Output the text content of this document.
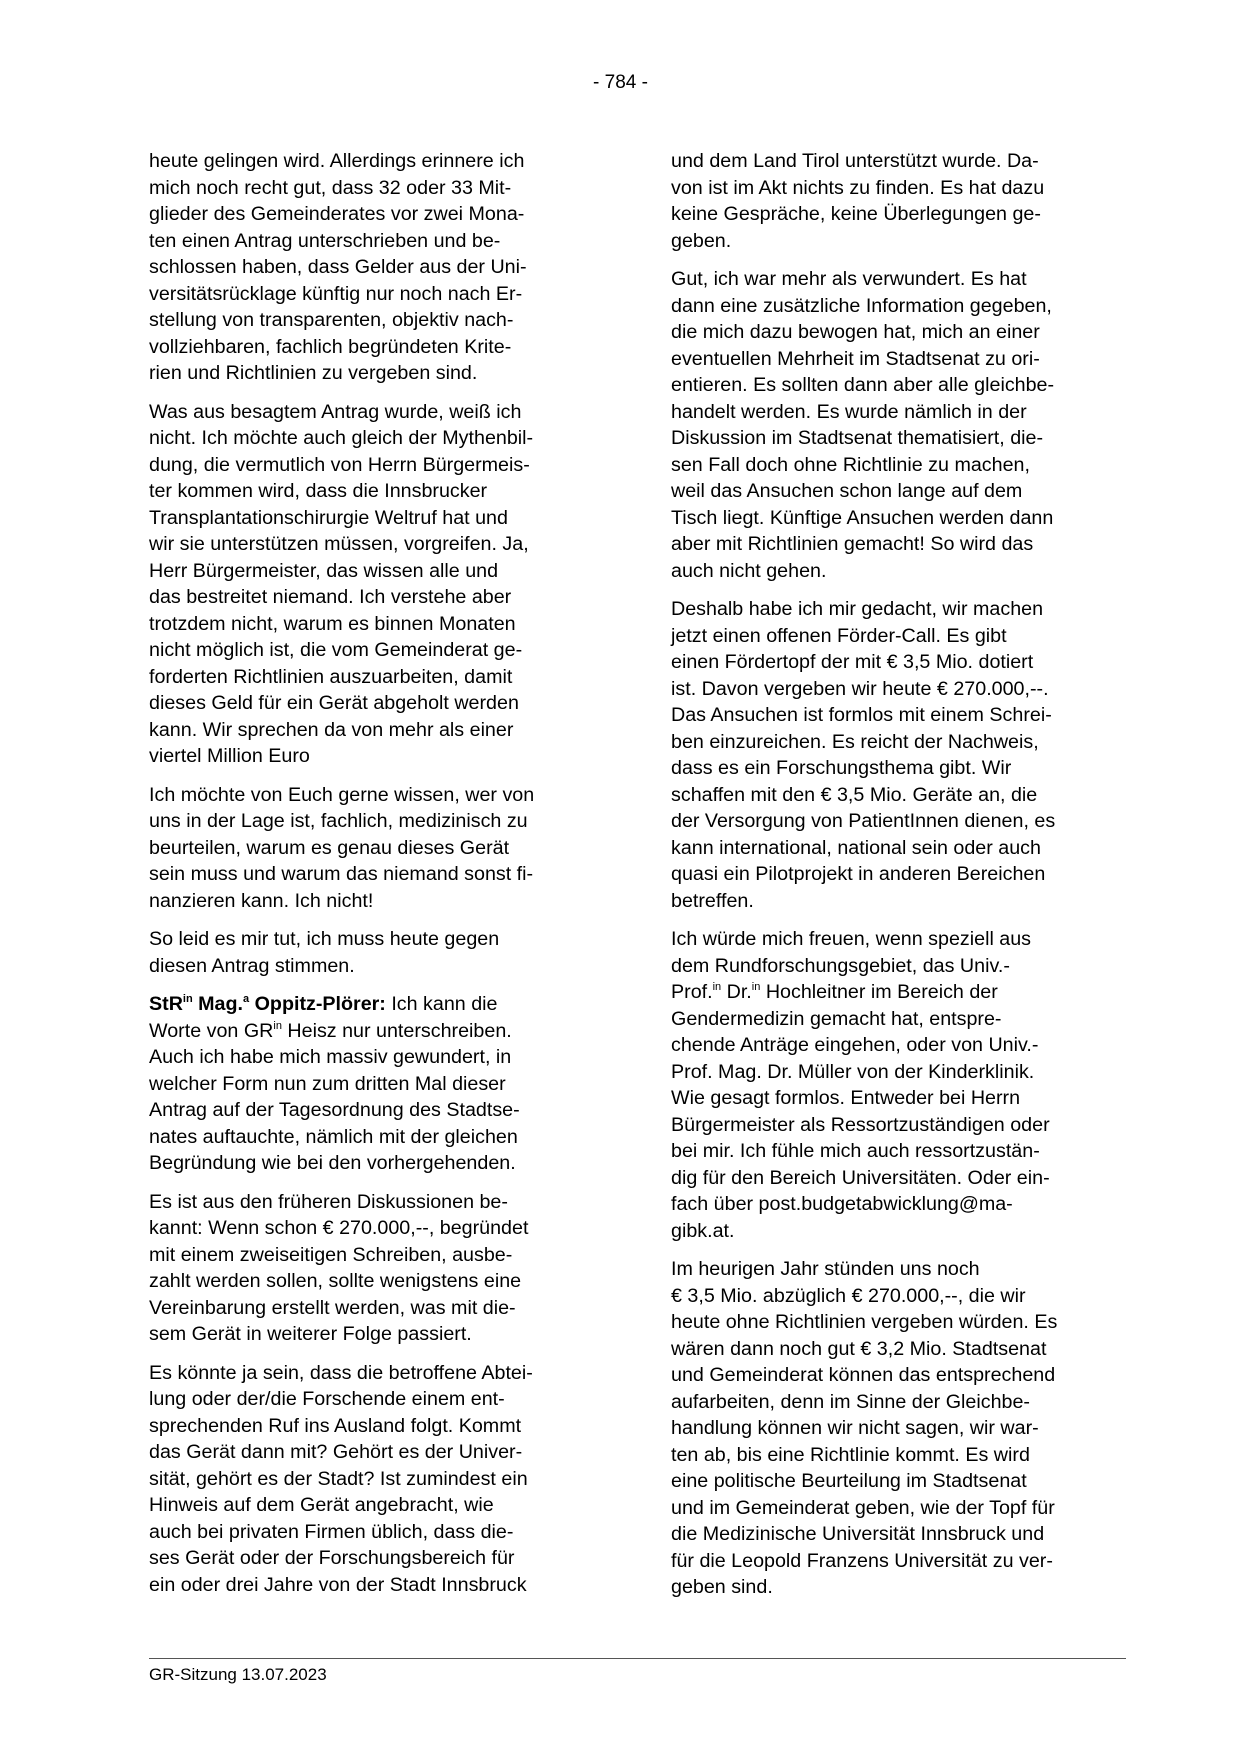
- 784 -

heute gelingen wird. Allerdings erinnere ich
mich noch recht gut, dass 32 oder 33 Mit-
glieder des Gemeinderates vor zwei Mona-
ten einen Antrag unterschrieben und be-
schlossen haben, dass Gelder aus der Uni-
versitätsrücklage künftig nur noch nach Er-
stellung von transparenten, objektiv nach-
vollziehbaren, fachlich begründeten Krite-
rien und Richtlinien zu vergeben sind.

Was aus besagtem Antrag wurde, weiß ich
nicht. Ich möchte auch gleich der Mythenbil-
dung, die vermutlich von Herrn Bürgermeis-
ter kommen wird, dass die Innsbrucker
Transplantationschirurgie Weltruf hat und
wir sie unterstützen müssen, vorgreifen. Ja,
Herr Bürgermeister, das wissen alle und
das bestreitet niemand. Ich verstehe aber
trotzdem nicht, warum es binnen Monaten
nicht möglich ist, die vom Gemeinderat ge-
forderten Richtlinien auszuarbeiten, damit
dieses Geld für ein Gerät abgeholt werden
kann. Wir sprechen da von mehr als einer
viertel Million Euro

Ich möchte von Euch gerne wissen, wer von
uns in der Lage ist, fachlich, medizinisch zu
beurteilen, warum es genau dieses Gerät
sein muss und warum das niemand sonst fi-
nanzieren kann. Ich nicht!

So leid es mir tut, ich muss heute gegen
diesen Antrag stimmen.

StR$^{in}$ Mag.$^a$ Oppitz-Plörer: Ich kann die
Worte von $GR^{in}$ Heisz nur unterschreiben.
Auch ich habe mich massiv gewundert, in
welcher Form nun zum dritten Mal dieser
Antrag auf der Tagesordnung des Stadtse-
nates auftauchte, nämlich mit der gleichen
Begründung wie bei den vorhergehenden.

Es ist aus den früheren Diskussionen be-
kannt: Wenn schon € 270.000,--, begründet
mit einem zweiseitigen Schreiben, ausbe-
zahlt werden sollen, sollte wenigstens eine
Vereinbarung erstellt werden, was mit die-
sem Gerät in weiterer Folge passiert.

Es könnte ja sein, dass die betroffene Abtei-
lung oder der/die Forschende einem ent-
sprechenden Ruf ins Ausland folgt. Kommt
das Gerät dann mit? Gehört es der Univer-
sität, gehört es der Stadt? Ist zumindest ein
Hinweis auf dem Gerät angebracht, wie
auch bei privaten Firmen üblich, dass die-
ses Gerät oder der Forschungsbereich für
ein oder drei Jahre von der Stadt Innsbruck

und dem Land Tirol unterstützt wurde. Da-
von ist im Akt nichts zu finden. Es hat dazu
keine Gespräche, keine Überlegungen ge-
geben.

Gut, ich war mehr als verwundert. Es hat
dann eine zusätzliche Information gegeben,
die mich dazu bewogen hat, mich an einer
eventuellen Mehrheit im Stadtsenat zu ori-
entieren. Es sollten dann aber alle gleichbe-
handelt werden. Es wurde nämlich in der
Diskussion im Stadtsenat thematisiert, die-
sen Fall doch ohne Richtlinie zu machen,
weil das Ansuchen schon lange auf dem
Tisch liegt. Künftige Ansuchen werden dann
aber mit Richtlinien gemacht! So wird das
auch nicht gehen.

Deshalb habe ich mir gedacht, wir machen
jetzt einen offenen Förder-Call. Es gibt
einen Fördertopf der mit € 3,5 Mio. dotiert
ist. Davon vergeben wir heute € 270.000,--.
Das Ansuchen ist formlos mit einem Schrei-
ben einzureichen. Es reicht der Nachweis,
dass es ein Forschungsthema gibt. Wir
schaffen mit den € 3,5 Mio. Geräte an, die
der Versorgung von PatientInnen dienen, es
kann international, national sein oder auch
quasi ein Pilotprojekt in anderen Bereichen
betreffen.

Ich würde mich freuen, wenn speziell aus
dem Rundforschungsgebiet, das Univ.-
Prof.$^{in}$ Dr.$^{in}$ Hochleitner im Bereich der
Gendermedizin gemacht hat, entspre-
chende Anträge eingehen, oder von Univ.-
Prof. Mag. Dr. Müller von der Kinderklinik.
Wie gesagt formlos. Entweder bei Herrn
Bürgermeister als Ressortzuständigen oder
bei mir. Ich fühle mich auch ressortzustän-
dig für den Bereich Universitäten. Oder ein-
fach über post.budgetabwicklung@ma-
gibk.at.

Im heurigen Jahr stünden uns noch
€ 3,5 Mio. abzüglich € 270.000,--, die wir
heute ohne Richtlinien vergeben würden. Es
wären dann noch gut € 3,2 Mio. Stadtsenat
und Gemeinderat können das entsprechend
aufarbeiten, denn im Sinne der Gleichbe-
handlung können wir nicht sagen, wir war-
ten ab, bis eine Richtlinie kommt. Es wird
eine politische Beurteilung im Stadtsenat
und im Gemeinderat geben, wie der Topf für
die Medizinische Universität Innsbruck und
für die Leopold Franzens Universität zu ver-
geben sind.

GR-Sitzung 13.07.2023
